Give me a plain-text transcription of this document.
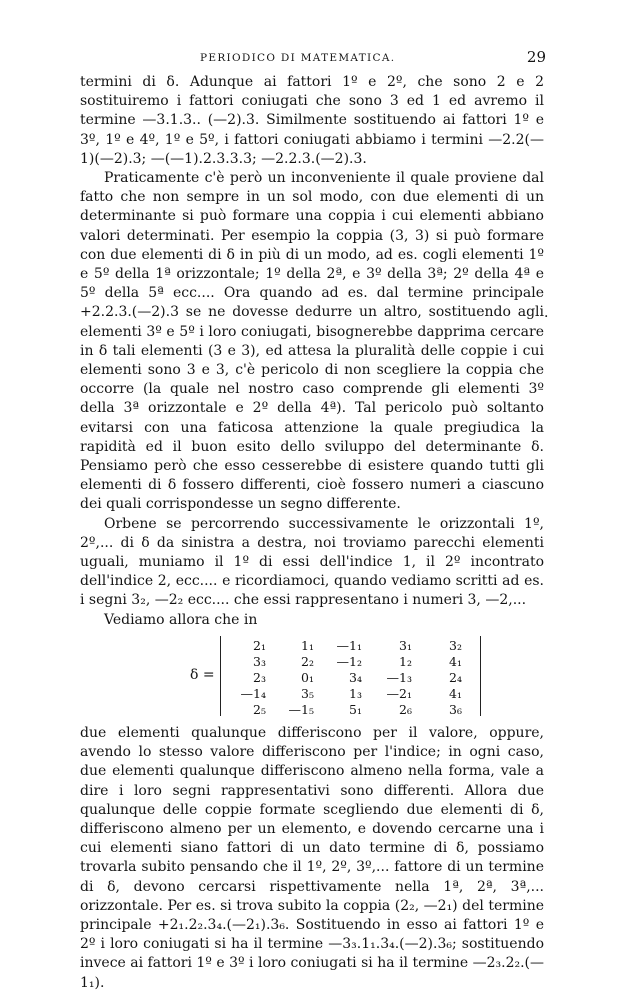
PERIODICO DI MATEMATICA.	29

termini di δ. Adunque ai fattori 1º e 2º, che sono 2 e 2 sostituiremo i fattori coniugati che sono 3 ed 1 ed avremo il termine —3.1.3.. (—2).3. Similmente sostituendo ai fattori 1º e 3º, 1º e 4º, 1º e 5º, i fattori coniugati abbiamo i termini —2.2(—1)(—2).3; —(—1).2.3.3.3; —2.2.3.(—2).3.

Praticamente c'è però un inconveniente il quale proviene dal fatto che non sempre in un sol modo, con due elementi di un determinante si può formare una coppia i cui elementi abbiano valori determinati. Per esempio la coppia (3, 3) si può formare con due elementi di δ in più di un modo, ad es. cogli elementi 1º e 5º della 1ª orizzontale; 1º della 2ª, e 3º della 3ª; 2º della 4ª e 5º della 5ª ecc.... Ora quando ad es. dal termine principale +2.2.3.(—2).3 se ne dovesse dedurre un altro, sostituendo agli elementi 3º e 5º i loro coniugati, bisognerebbe dapprima cercare in δ tali elementi (3 e 3), ed attesa la pluralità delle coppie i cui elementi sono 3 e 3, c'è pericolo di non scegliere la coppia che occorre (la quale nel nostro caso comprende gli elementi 3º della 3ª orizzontale e 2º della 4ª). Tal pericolo può soltanto evitarsi con una faticosa attenzione la quale pregiudica la rapidità ed il buon esito dello sviluppo del determinante δ. Pensiamo però che esso cesserebbe di esistere quando tutti gli elementi di δ fossero differenti, cioè fossero numeri a ciascuno dei quali corrispondesse un segno differente.

Orbene se percorrendo successivamente le orizzontali 1º, 2º,... di δ da sinistra a destra, noi troviamo parecchi elementi uguali, muniamo il 1º di essi dell'indice 1, il 2º incontrato dell'indice 2, ecc.... e ricordiamoci, quando vediamo scritti ad es. i segni 3₂, —2₂ ecc.... che essi rappresentano i numeri 3, —2,...

Vediamo allora che in

δ =
2₁	1₁	—1₁	3₁	3₂
3₃	2₂	—1₂	1₂	4₁
2₃	0₁	3₄	—1₃	2₄
—1₄	3₅	1₃	—2₁	4₁
2₅	—1₅	5₁	2₆	3₆

due elementi qualunque differiscono per il valore, oppure, avendo lo stesso valore differiscono per l'indice; in ogni caso, due elementi qualunque differiscono almeno nella forma, vale a dire i loro segni rappresentativi sono differenti. Allora due qualunque delle coppie formate scegliendo due elementi di δ, differiscono almeno per un elemento, e dovendo cercarne una i cui elementi siano fattori di un dato termine di δ, possiamo trovarla subito pensando che il 1º, 2º, 3º,... fattore di un termine di δ, devono cercarsi rispettivamente nella 1ª, 2ª, 3ª,... orizzontale. Per es. si trova subito la coppia (2₂, —2₁) del termine principale +2₁.2₂.3₄.(—2₁).3₆. Sostituendo in esso ai fattori 1º e 2º i loro coniugati si ha il termine —3₃.1₁.3₄.(—2).3₆; sostituendo invece ai fattori 1º e 3º i loro coniugati si ha il termine —2₃.2₂.(—1₁).

·
